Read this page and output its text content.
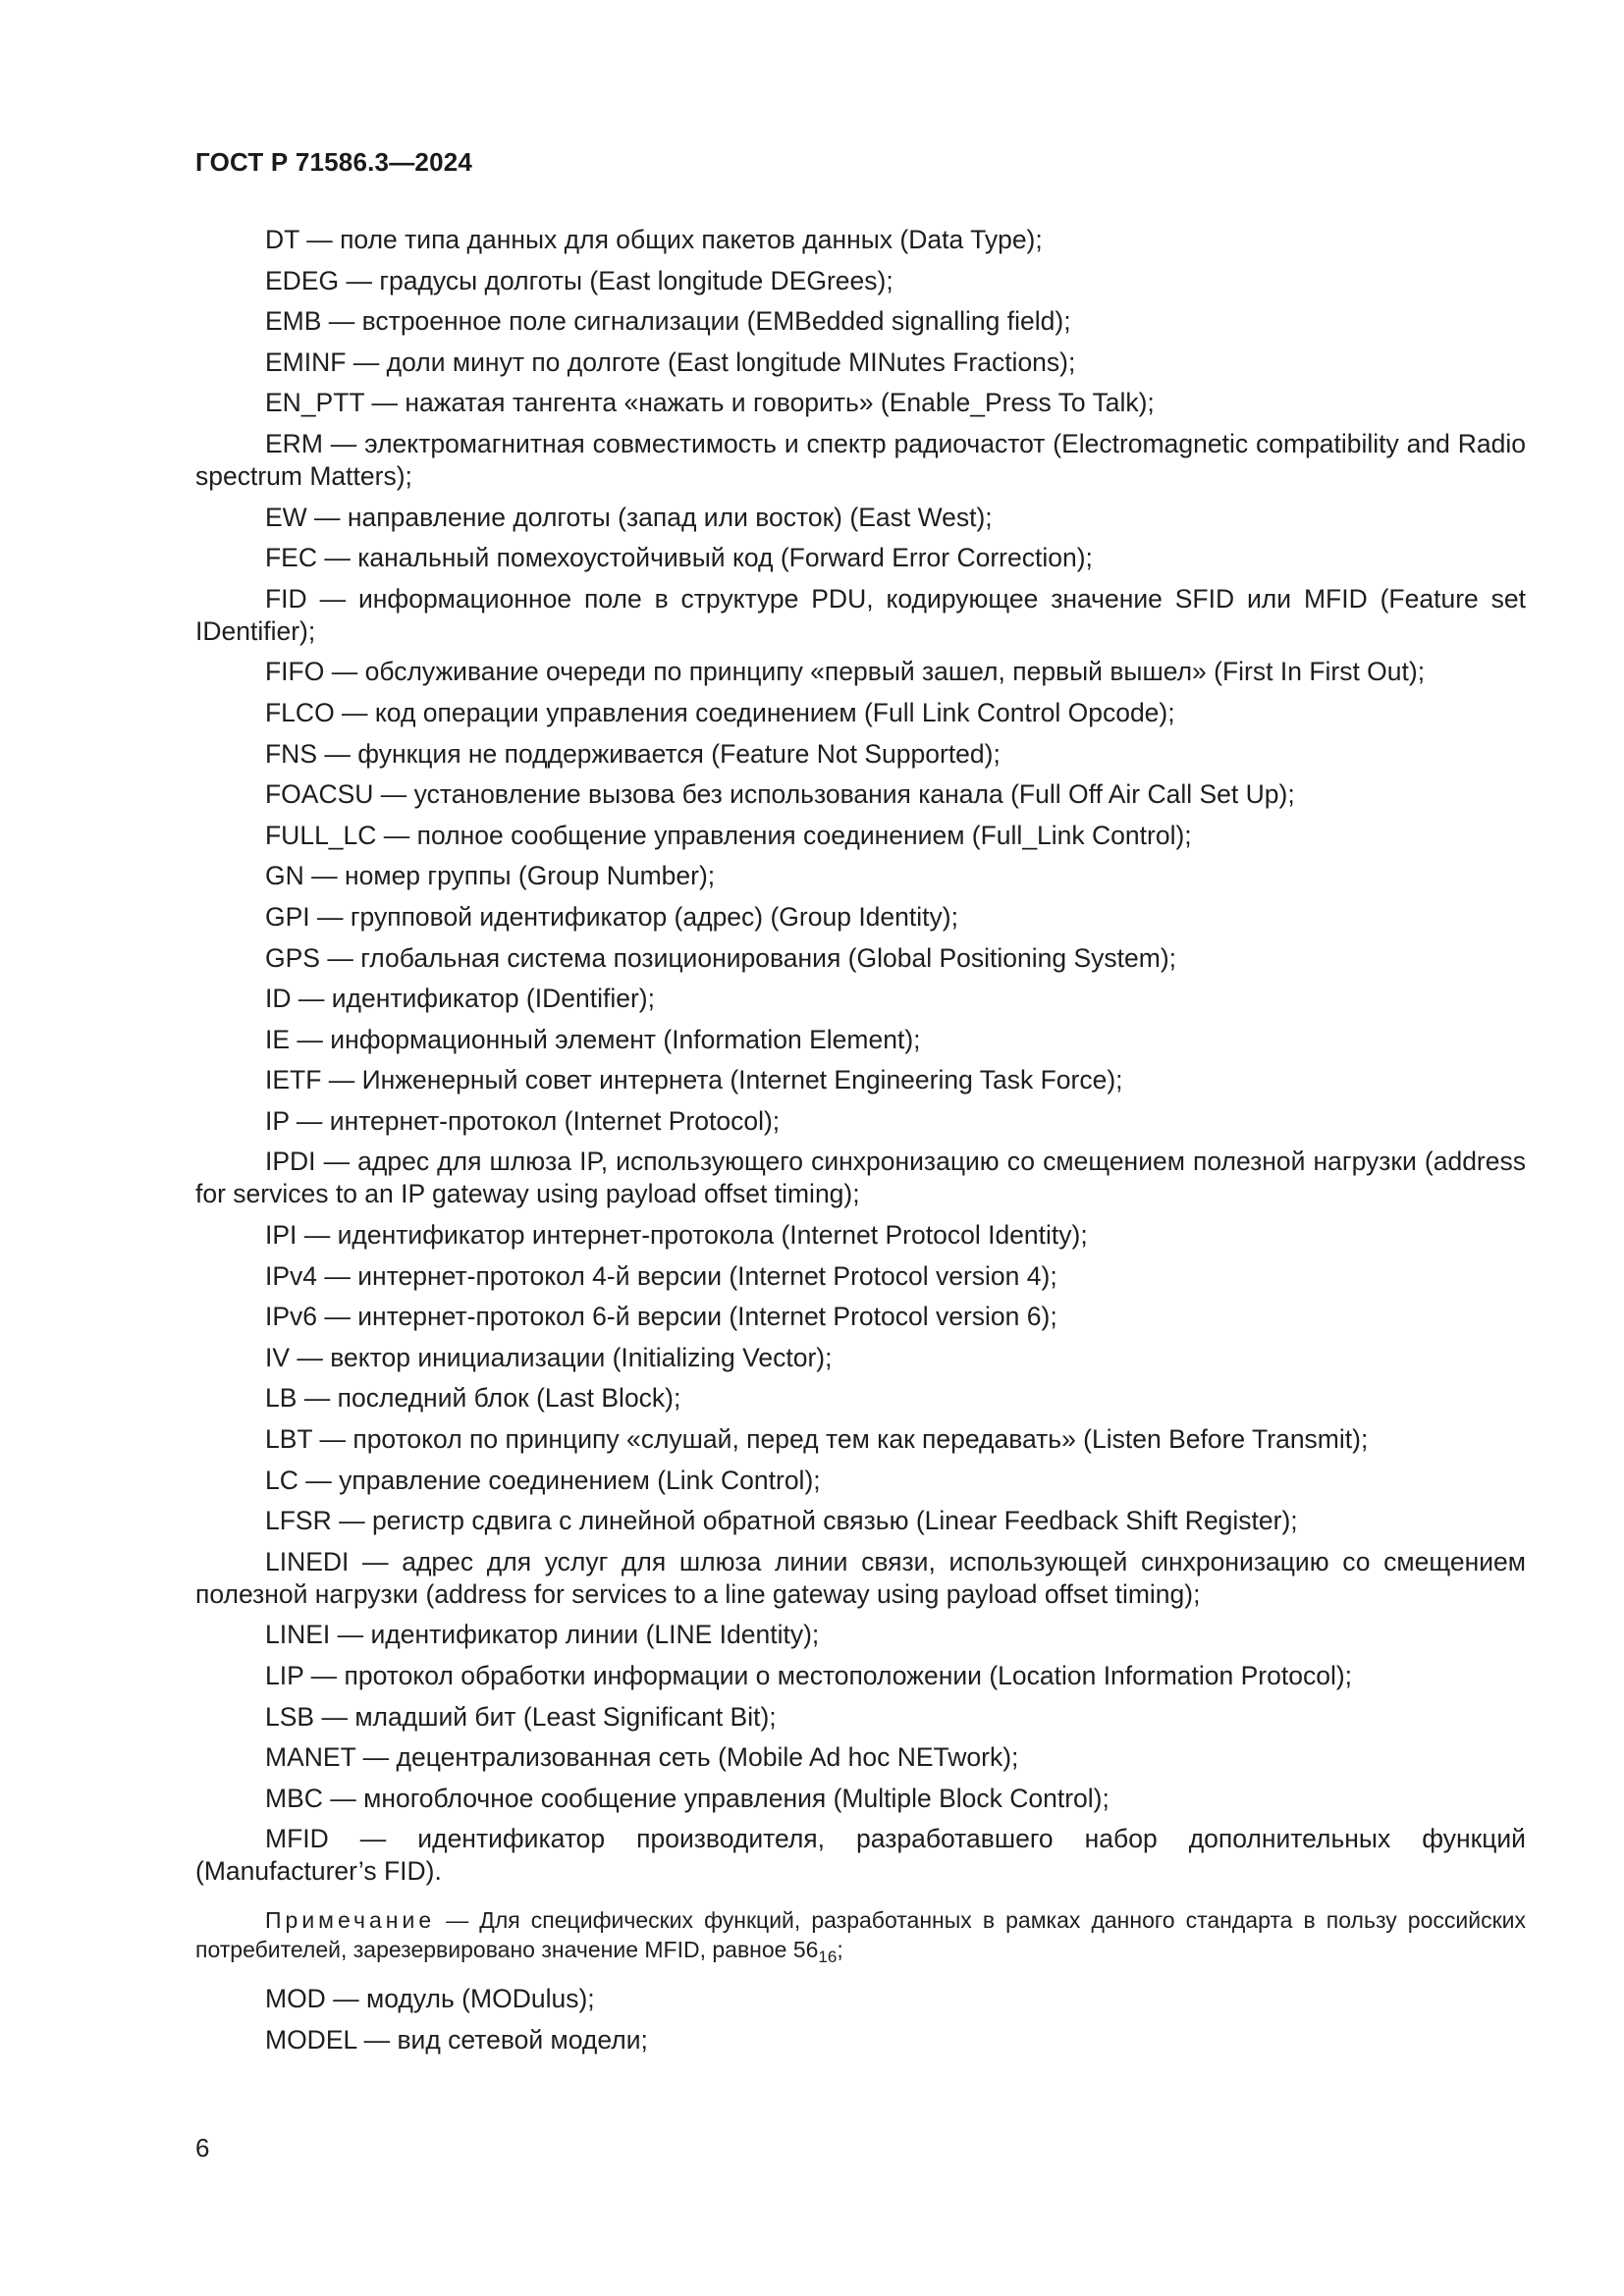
ГОСТ Р 71586.3—2024

DT — поле типа данных для общих пакетов данных (Data Type);

EDEG — градусы долготы (East longitude DEGrees);

EMB — встроенное поле сигнализации (EMBedded signalling field);

EMINF — доли минут по долготе (East longitude MINutes Fractions);

EN_PTT — нажатая тангента «нажать и говорить» (Enable_Press To Talk);

ERM — электромагнитная совместимость и спектр радиочастот (Electromagnetic compatibility and Radio spectrum Matters);

EW — направление долготы (запад или восток) (East West);

FEC — канальный помехоустойчивый код (Forward Error Correction);

FID — информационное поле в структуре PDU, кодирующее значение SFID или MFID (Feature set IDentifier);

FIFO — обслуживание очереди по принципу «первый зашел, первый вышел» (First In First Out);

FLCO — код операции управления соединением (Full Link Control Opcode);

FNS — функция не поддерживается (Feature Not Supported);

FOACSU — установление вызова без использования канала (Full Off Air Call Set Up);

FULL_LC — полное сообщение управления соединением (Full_Link Control);

GN — номер группы (Group Number);

GPI — групповой идентификатор (адрес) (Group Identity);

GPS — глобальная система позиционирования (Global Positioning System);

ID — идентификатор (IDentifier);

IE — информационный элемент (Information Element);

IETF — Инженерный совет интернета (Internet Engineering Task Force);

IP — интернет-протокол (Internet Protocol);

IPDI — адрес для шлюза IP, использующего синхронизацию со смещением полезной нагрузки (address for services to an IP gateway using payload offset timing);

IPI — идентификатор интернет-протокола (Internet Protocol Identity);

IPv4 — интернет-протокол 4-й версии (Internet Protocol version 4);

IPv6 — интернет-протокол 6-й версии (Internet Protocol version 6);

IV — вектор инициализации (Initializing Vector);

LB — последний блок (Last Block);

LBT — протокол по принципу «слушай, перед тем как передавать» (Listen Before Transmit);

LC — управление соединением (Link Control);

LFSR — регистр сдвига с линейной обратной связью (Linear Feedback Shift Register);

LINEDI — адрес для услуг для шлюза линии связи, использующей синхронизацию со смещением полезной нагрузки (address for services to a line gateway using payload offset timing);

LINEI — идентификатор линии (LINE Identity);

LIP — протокол обработки информации о местоположении (Location Information Protocol);

LSB — младший бит (Least Significant Bit);

MANET — децентрализованная сеть (Mobile Ad hoc NETwork);

MBC — многоблочное сообщение управления (Multiple Block Control);

MFID — идентификатор производителя, разработавшего набор дополнительных функций (Manufacturer’s FID).

Примечание — Для специфических функций, разработанных в рамках данного стандарта в пользу российских потребителей, зарезервировано значение MFID, равное $56_{16}$;

MOD — модуль (MODulus);

MODEL — вид сетевой модели;

6
